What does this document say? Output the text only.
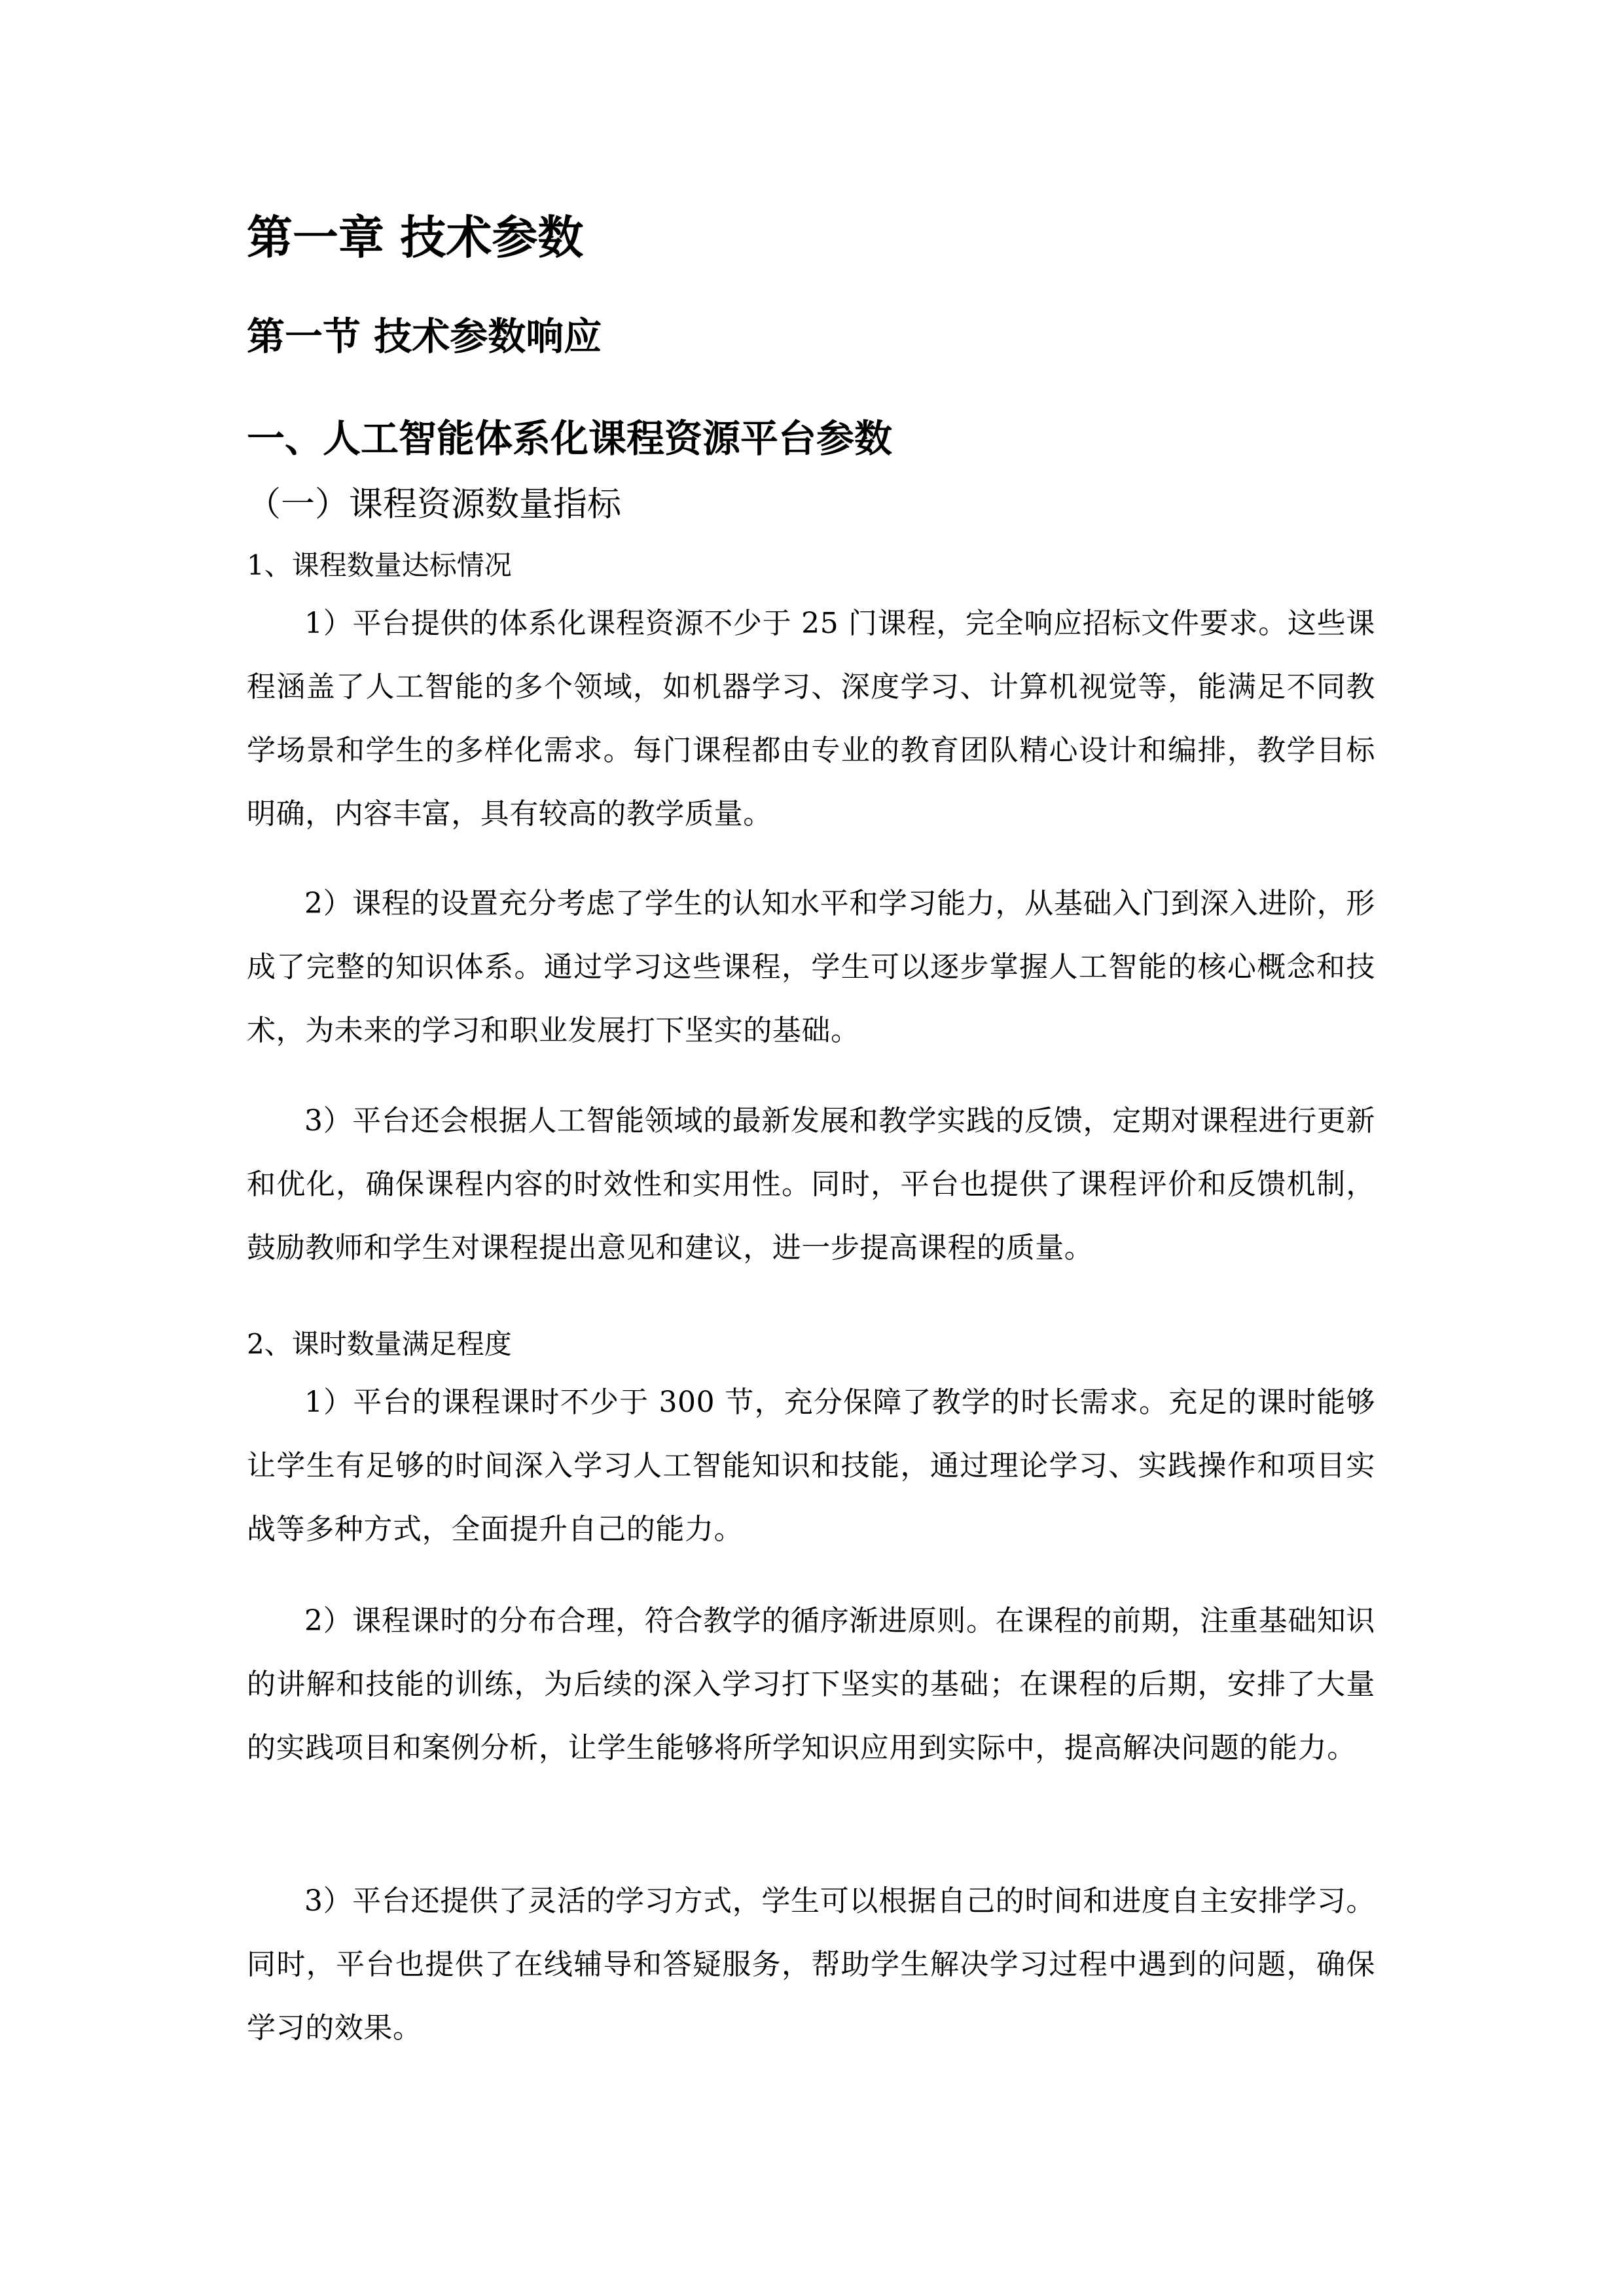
第一章 技术参数
第一节 技术参数响应
一、人工智能体系化课程资源平台参数
（一）课程资源数量指标
1、课程数量达标情况

1）平台提供的体系化课程资源不少于 25 门课程，完全响应招标文件要求。这些课程涵盖了人工智能的多个领域，如机器学习、深度学习、计算机视觉等，能满足不同教学场景和学生的多样化需求。每门课程都由专业的教育团队精心设计和编排，教学目标明确，内容丰富，具有较高的教学质量。

2）课程的设置充分考虑了学生的认知水平和学习能力，从基础入门到深入进阶，形成了完整的知识体系。通过学习这些课程，学生可以逐步掌握人工智能的核心概念和技术，为未来的学习和职业发展打下坚实的基础。

3）平台还会根据人工智能领域的最新发展和教学实践的反馈，定期对课程进行更新和优化，确保课程内容的时效性和实用性。同时，平台也提供了课程评价和反馈机制，鼓励教师和学生对课程提出意见和建议，进一步提高课程的质量。

2、课时数量满足程度

1）平台的课程课时不少于 300 节，充分保障了教学的时长需求。充足的课时能够让学生有足够的时间深入学习人工智能知识和技能，通过理论学习、实践操作和项目实战等多种方式，全面提升自己的能力。

2）课程课时的分布合理，符合教学的循序渐进原则。在课程的前期，注重基础知识的讲解和技能的训练，为后续的深入学习打下坚实的基础；在课程的后期，安排了大量的实践项目和案例分析，让学生能够将所学知识应用到实际中，提高解决问题的能力。

3）平台还提供了灵活的学习方式，学生可以根据自己的时间和进度自主安排学习。同时，平台也提供了在线辅导和答疑服务，帮助学生解决学习过程中遇到的问题，确保学习的效果。
